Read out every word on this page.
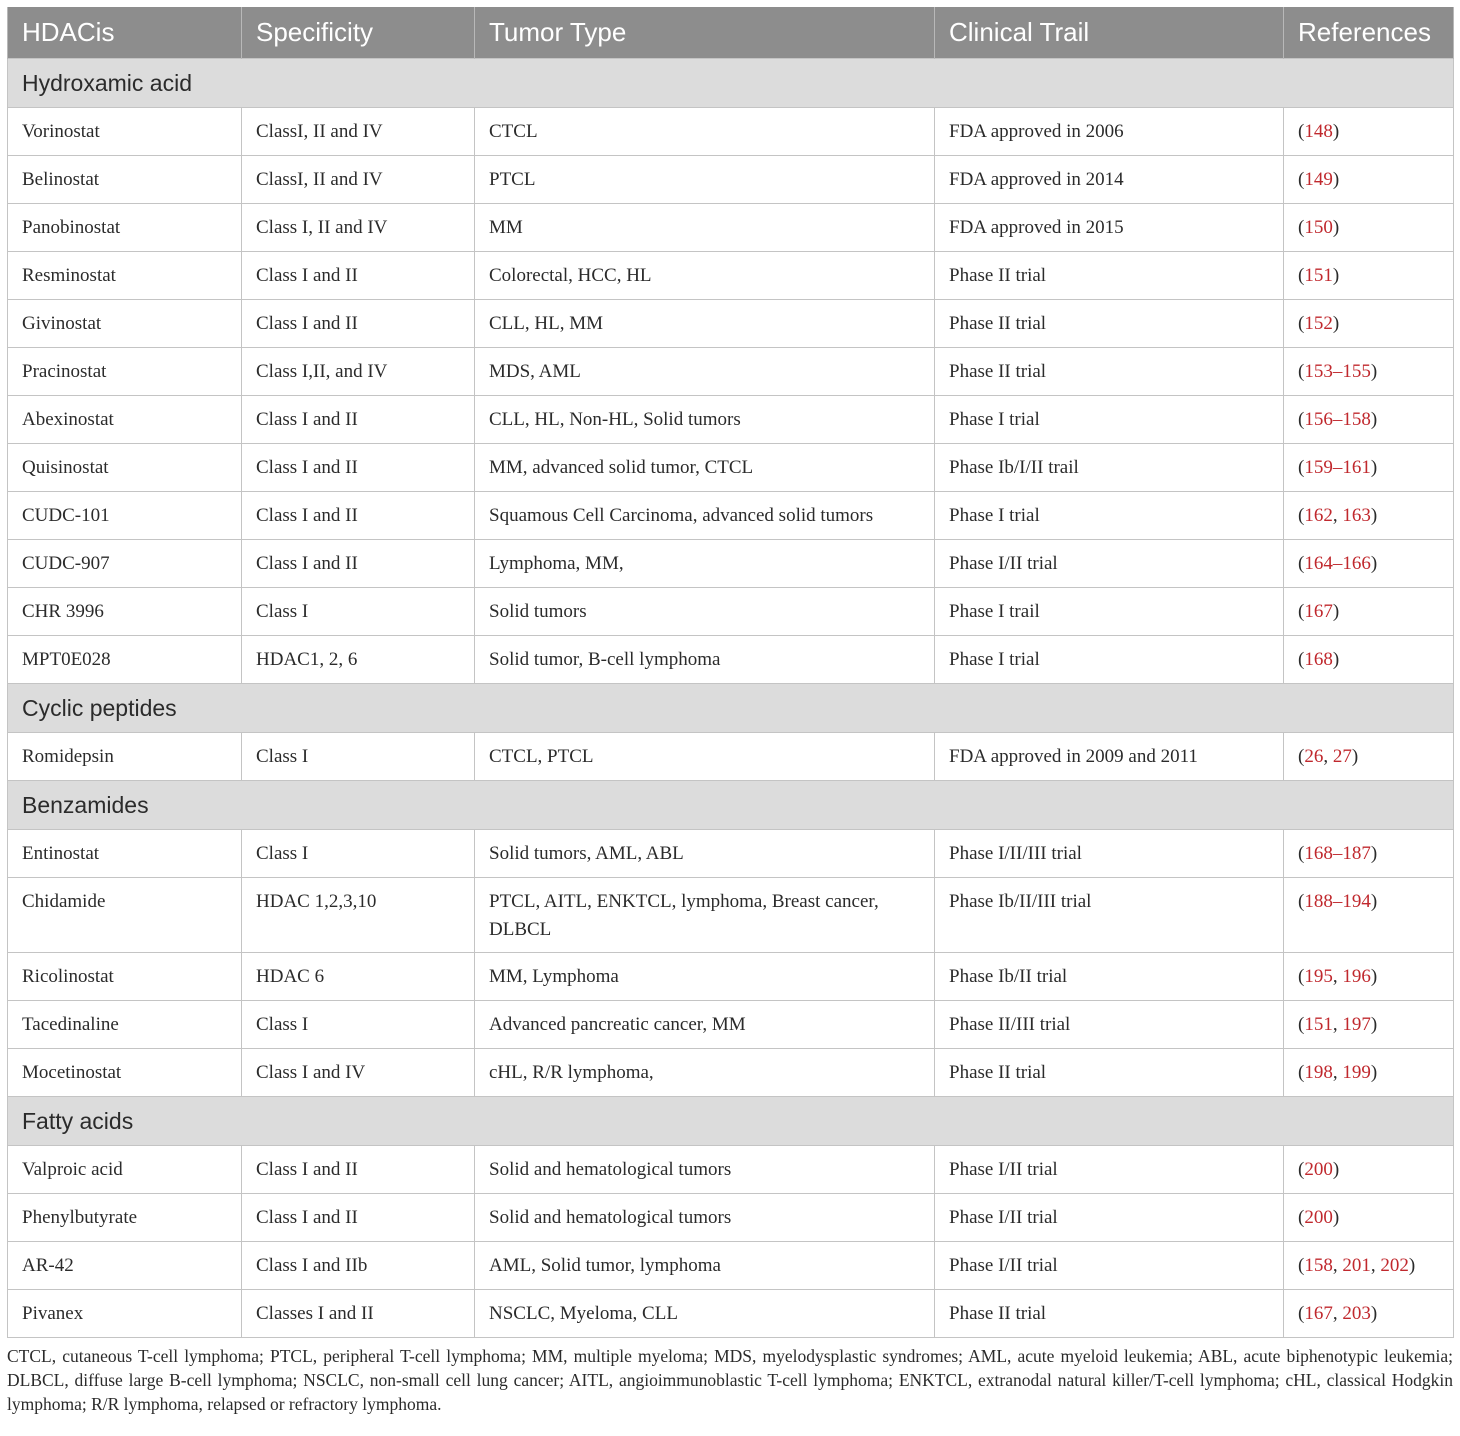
HDACis	Specificity	Tumor Type	Clinical Trail	References
Hydroxamic acid				
Vorinostat	ClassI, II and IV	CTCL	FDA approved in 2006	(148)
Belinostat	ClassI, II and IV	PTCL	FDA approved in 2014	(149)
Panobinostat	Class I, II and IV	MM	FDA approved in 2015	(150)
Resminostat	Class I and II	Colorectal, HCC, HL	Phase II trial	(151)
Givinostat	Class I and II	CLL, HL, MM	Phase II trial	(152)
Pracinostat	Class I,II, and IV	MDS, AML	Phase II trial	(153–155)
Abexinostat	Class I and II	CLL, HL, Non-HL, Solid tumors	Phase I trial	(156–158)
Quisinostat	Class I and II	MM, advanced solid tumor, CTCL	Phase Ib/I/II trail	(159–161)
CUDC-101	Class I and II	Squamous Cell Carcinoma, advanced solid tumors	Phase I trial	(162, 163)
CUDC-907	Class I and II	Lymphoma, MM,	Phase I/II trial	(164–166)
CHR 3996	Class I	Solid tumors	Phase I trail	(167)
MPT0E028	HDAC1, 2, 6	Solid tumor, B-cell lymphoma	Phase I trial	(168)
Cyclic peptides				
Romidepsin	Class I	CTCL, PTCL	FDA approved in 2009 and 2011	(26, 27)
Benzamides				
Entinostat	Class I	Solid tumors, AML, ABL	Phase I/II/III trial	(168–187)
Chidamide	HDAC 1,2,3,10	PTCL, AITL, ENKTCL, lymphoma, Breast cancer, DLBCL	Phase Ib/II/III trial	(188–194)
Ricolinostat	HDAC 6	MM, Lymphoma	Phase Ib/II trial	(195, 196)
Tacedinaline	Class I	Advanced pancreatic cancer, MM	Phase II/III trial	(151, 197)
Mocetinostat	Class I and IV	cHL, R/R lymphoma,	Phase II trial	(198, 199)
Fatty acids				
Valproic acid	Class I and II	Solid and hematological tumors	Phase I/II trial	(200)
Phenylbutyrate	Class I and II	Solid and hematological tumors	Phase I/II trial	(200)
AR-42	Class I and IIb	AML, Solid tumor, lymphoma	Phase I/II trial	(158, 201, 202)
Pivanex	Classes I and II	NSCLC, Myeloma, CLL	Phase II trial	(167, 203)
CTCL, cutaneous T-cell lymphoma; PTCL, peripheral T-cell lymphoma; MM, multiple myeloma; MDS, myelodysplastic syndromes; AML, acute myeloid leukemia; ABL, acute biphenotypic leukemia; DLBCL, diffuse large B-cell lymphoma; NSCLC, non-small cell lung cancer; AITL, angioimmunoblastic T-cell lymphoma; ENKTCL, extranodal natural killer/T-cell lymphoma; cHL, classical Hodgkin lymphoma; R/R lymphoma, relapsed or refractory lymphoma.
